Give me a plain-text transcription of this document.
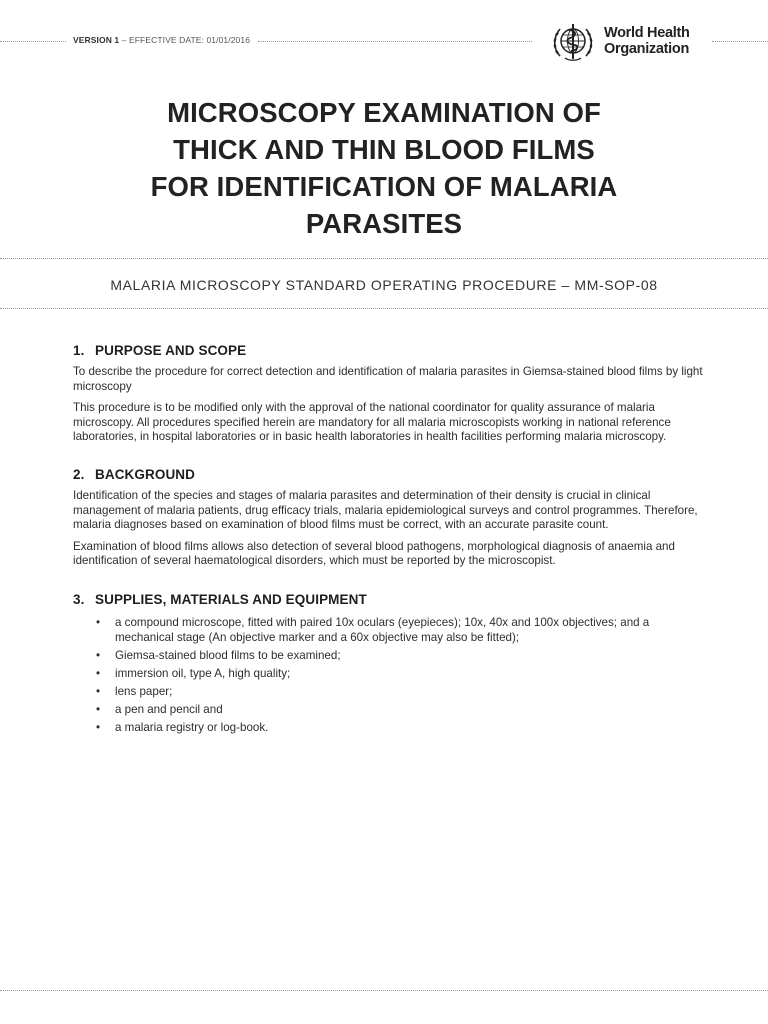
VERSION 1 – EFFECTIVE DATE: 01/01/2016	World Health
Organization
MICROSCOPY EXAMINATION OF
THICK AND THIN BLOOD FILMS
FOR IDENTIFICATION OF MALARIA
PARASITES
MALARIA MICROSCOPY STANDARD OPERATING PROCEDURE – MM-SOP-08
1. PURPOSE AND SCOPE

To describe the procedure for correct detection and identification of malaria parasites in Giemsa-stained blood films by light microscopy

This procedure is to be modified only with the approval of the national coordinator for quality assurance of malaria microscopy. All procedures specified herein are mandatory for all malaria microscopists working in national reference laboratories, in hospital laboratories or in basic health laboratories in health facilities performing malaria microscopy.

2. BACKGROUND

Identification of the species and stages of malaria parasites and determination of their density is crucial in clinical management of malaria patients, drug efficacy trials, malaria epidemiological surveys and control programmes. Therefore, malaria diagnoses based on examination of blood films must be correct, with an accurate parasite count.

Examination of blood films allows also detection of several blood pathogens, morphological diagnosis of anaemia and identification of several haematological disorders, which must be reported by the microscopist.

3. SUPPLIES, MATERIALS AND EQUIPMENT
• a compound microscope, fitted with paired 10x oculars (eyepieces); 10x, 40x and 100x objectives; and a mechanical stage (An objective marker and a 60x objective may also be fitted);
• Giemsa-stained blood films to be examined;
• immersion oil, type A, high quality;
• lens paper;
• a pen and pencil and
• a malaria registry or log-book.
